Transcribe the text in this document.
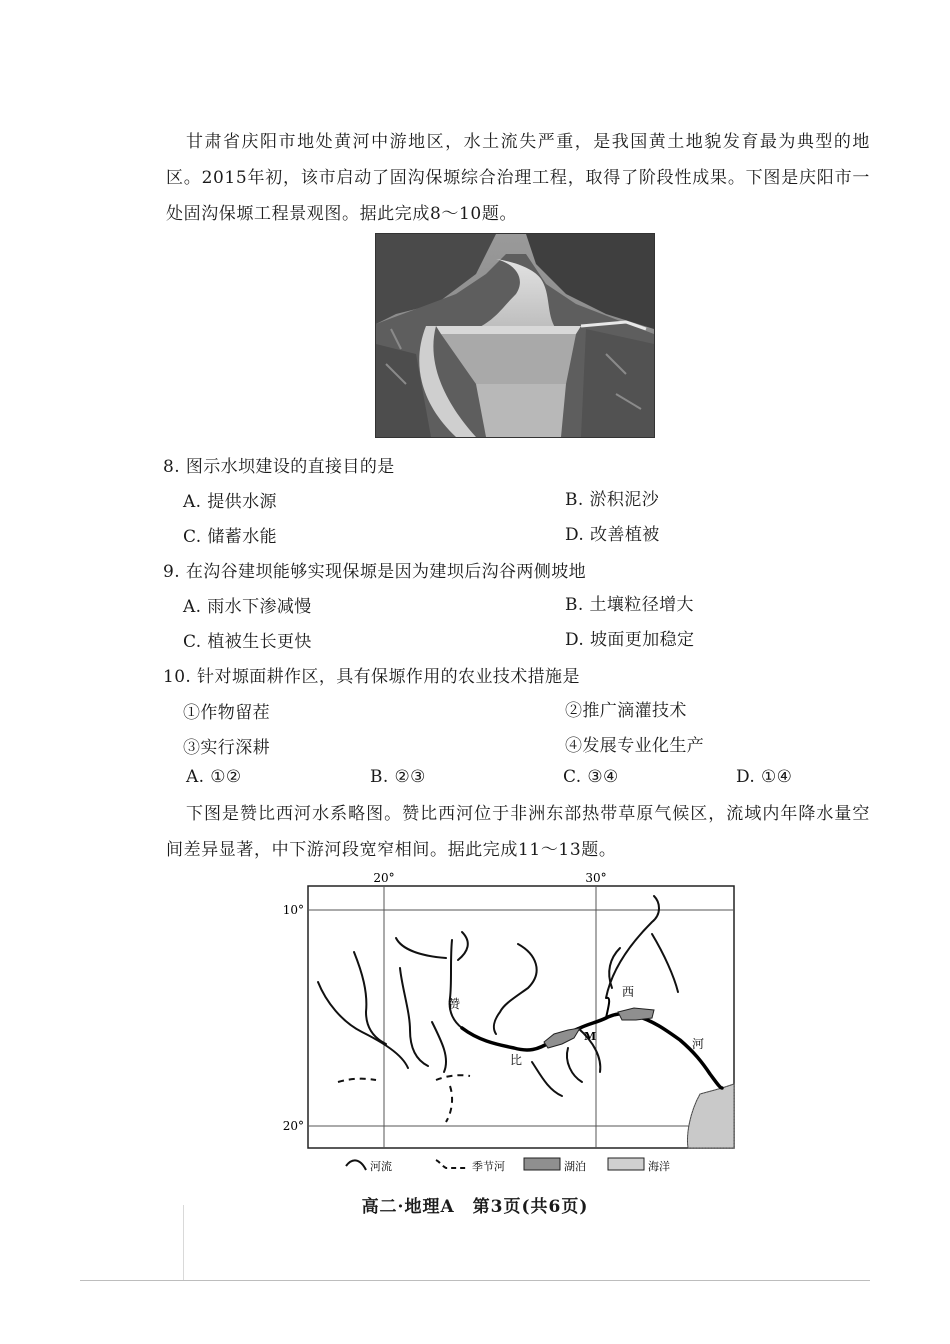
甘肃省庆阳市地处黄河中游地区，水土流失严重，是我国黄土地貌发育最为典型的地区。2015年初，该市启动了固沟保塬综合治理工程，取得了阶段性成果。下图是庆阳市一处固沟保塬工程景观图。据此完成8～10题。

8. 图示水坝建设的直接目的是
A. 提供水源	B. 淤积泥沙
C. 储蓄水能	D. 改善植被
9. 在沟谷建坝能够实现保塬是因为建坝后沟谷两侧坡地
A. 雨水下渗减慢	B. 土壤粒径增大
C. 植被生长更快	D. 坡面更加稳定
10. 针对塬面耕作区，具有保塬作用的农业技术措施是
①作物留茬	②推广滴灌技术
③实行深耕	④发展专业化生产
A. ①②	B. ②③	C. ③④	D. ①④

下图是赞比西河水系略图。赞比西河位于非洲东部热带草原气候区，流域内年降水量空间差异显著，中下游河段宽窄相间。据此完成11～13题。

20°	30°
10°
20°
赞
比
西
河
M
河流	季节河	湖泊	海洋
高二·地理A　第3页(共6页)
